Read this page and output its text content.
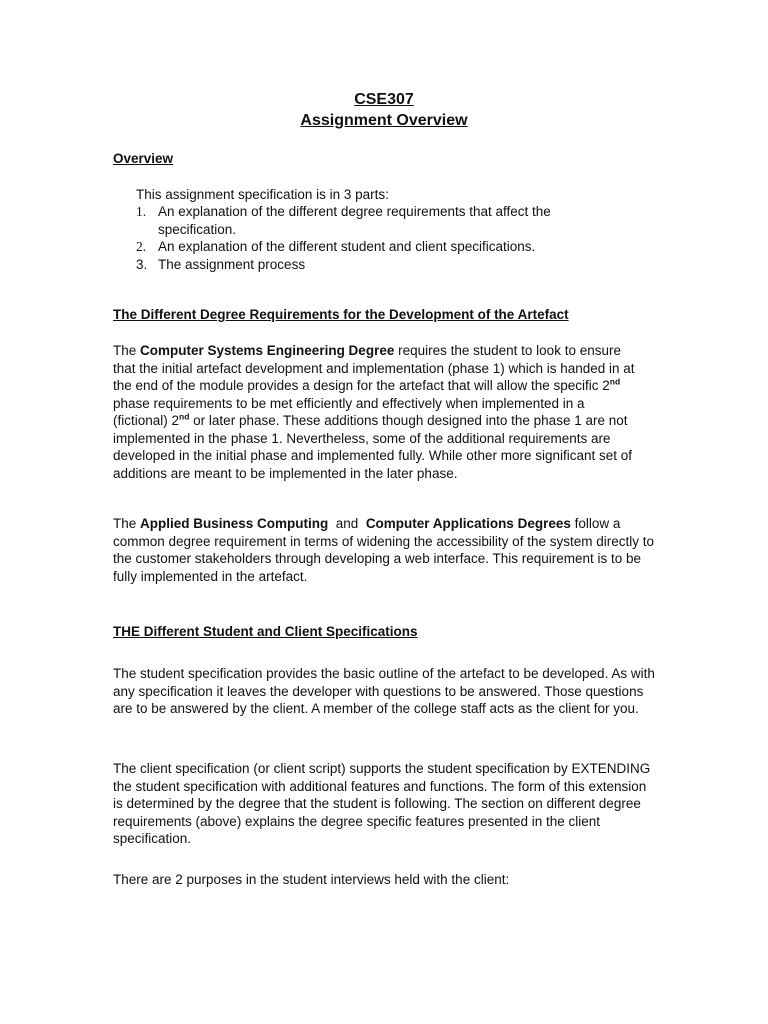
CSE307
Assignment Overview
Overview
This assignment specification is in 3 parts:
1. An explanation of the different degree requirements that affect the specification.
2. An explanation of the different student and client specifications.
3. The assignment process
The Different Degree Requirements for the Development of the Artefact
The Computer Systems Engineering Degree requires the student to look to ensure that the initial artefact development and implementation (phase 1) which is handed in at the end of the module provides a design for the artefact that will allow the specific 2nd phase requirements to be met efficiently and effectively when implemented in a (fictional) 2nd or later phase. These additions though designed into the phase 1 are not implemented in the phase 1. Nevertheless, some of the additional requirements are developed in the initial phase and implemented fully. While other more significant set of additions are meant to be implemented in the later phase.
The Applied Business Computing  and  Computer Applications Degrees follow a common degree requirement in terms of widening the accessibility of the system directly to the customer stakeholders through developing a web interface. This requirement is to be fully implemented in the artefact.
THE Different Student and Client Specifications
The student specification provides the basic outline of the artefact to be developed. As with any specification it leaves the developer with questions to be answered. Those questions are to be answered by the client. A member of the college staff acts as the client for you.
The client specification (or client script) supports the student specification by EXTENDING the student specification with additional features and functions. The form of this extension is determined by the degree that the student is following. The section on different degree requirements (above) explains the degree specific features presented in the client specification.
There are 2 purposes in the student interviews held with the client:
